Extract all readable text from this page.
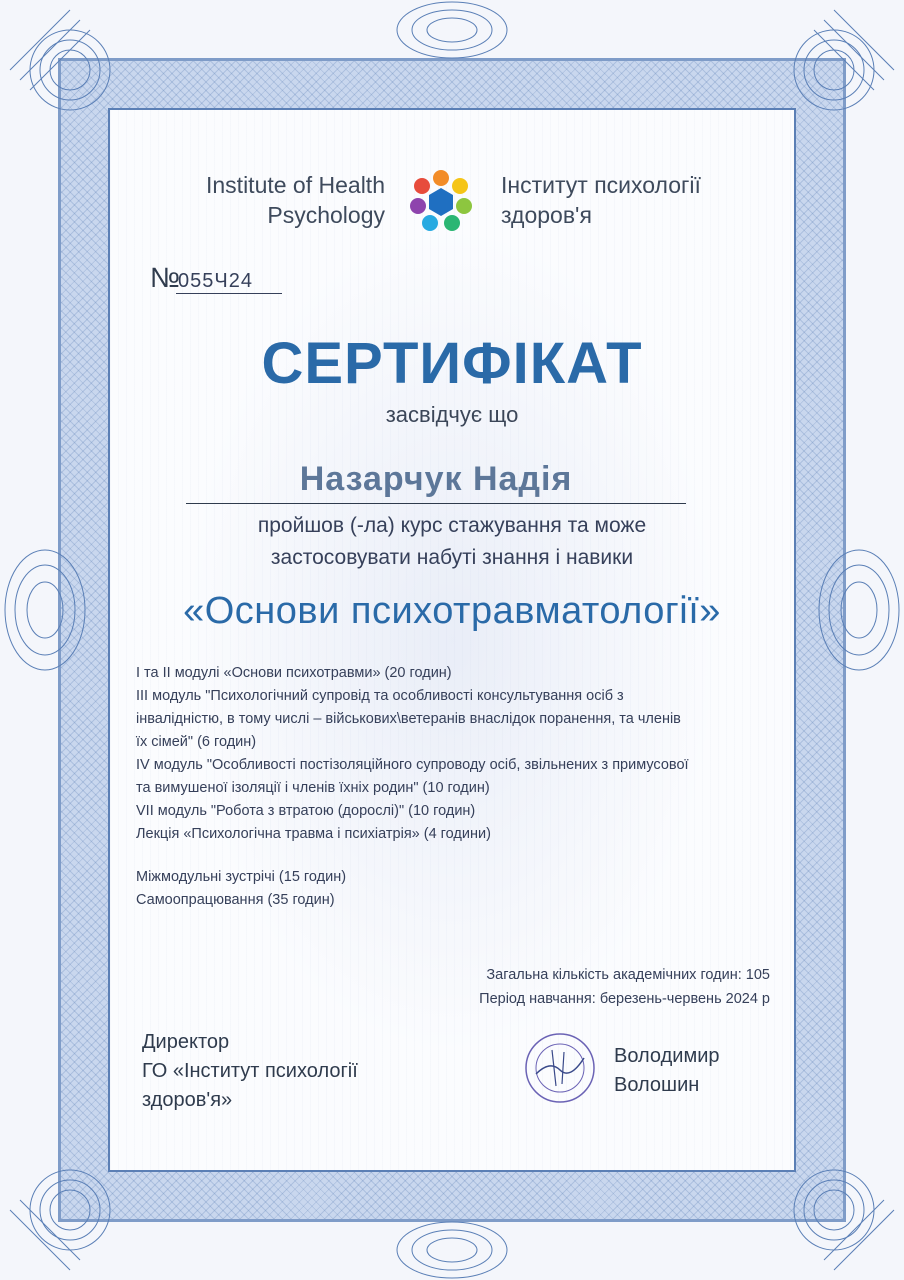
Institute of Health
Psychology
Інститут психології
здоров'я
№
055Ч24
СЕРТИФІКАТ
засвідчує що
Назарчук Надія
пройшов (-ла) курс стажування та може
застосовувати набуті знання і навики
«Основи психотравматології»
I та II модулі «Основи психотравми» (20 годин)
III модуль "Психологічний супровід та особливості консультування осіб з
інвалідністю, в тому числі – військових\ветеранів внаслідок поранення, та членів
їх сімей" (6 годин)
IV модуль "Особливості постізоляційного супроводу осіб, звільнених з примусової
та вимушеної ізоляції і членів їхніх родин" (10 годин)
VII модуль "Робота з втратою (дорослі)" (10 годин)
Лекція «Психологічна травма і психіатрія» (4 години)
Міжмодульні зустрічі (15 годин)
Самоопрацювання (35 годин)
Загальна кількість академічних годин: 105
Період навчання: березень-червень 2024 р
Директор
ГО «Інститут психології
здоров'я»
Володимир
Волошин
